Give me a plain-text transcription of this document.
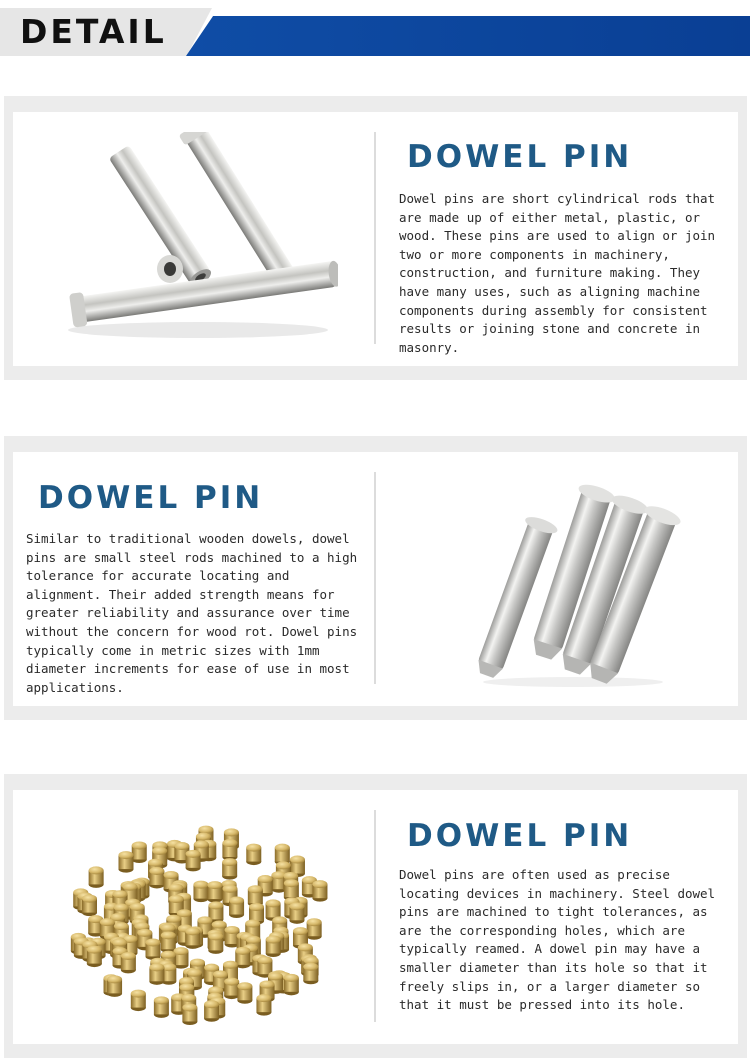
DETAIL
DOWEL PIN

Dowel pins are short cylindrical rods that are made up of either metal, plastic, or wood. These pins are used to align or join two or more components in machinery, construction, and furniture making. They have many uses, such as aligning machine components during assembly for consistent results or joining stone and concrete in masonry.

DOWEL PIN

Similar to traditional wooden dowels, dowel pins are small steel rods machined to a high tolerance for accurate locating and alignment. Their added strength means for greater reliability and assurance over time without the concern for wood rot. Dowel pins typically come in metric sizes with 1mm diameter increments for ease of use in most applications.

DOWEL PIN

Dowel pins are often used as precise locating devices in machinery. Steel dowel pins are machined to tight tolerances, as are the corresponding holes, which are typically reamed. A dowel pin may have a smaller diameter than its hole so that it freely slips in, or a larger diameter so that it must be pressed into its hole.
